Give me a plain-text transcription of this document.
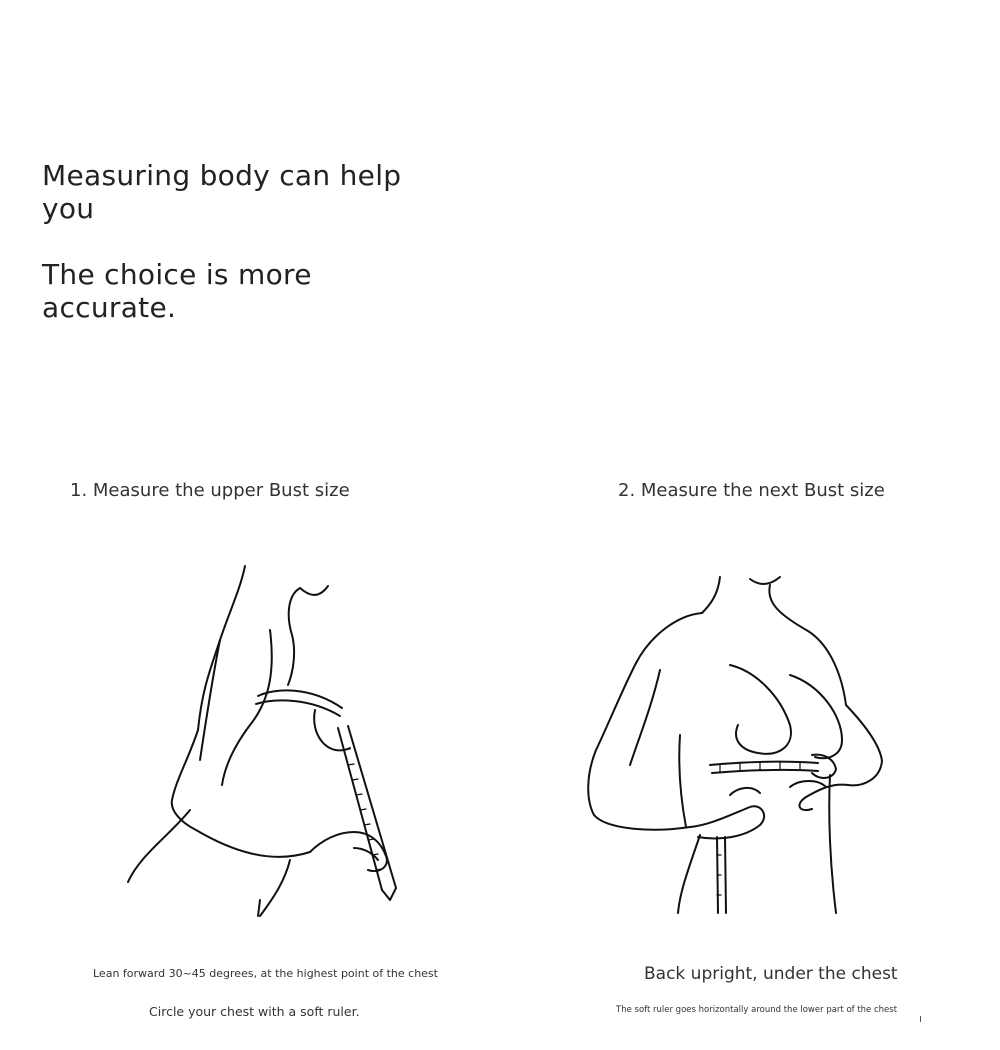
Measuring body can help you
The choice is more accurate.
1. Measure the upper Bust size	2. Measure the next Bust size
Lean forward 30~45 degrees, at the highest point of the chest
Circle your chest with a soft ruler.
Back upright, under the chest
The soft ruler goes horizontally around the lower part of the chest
